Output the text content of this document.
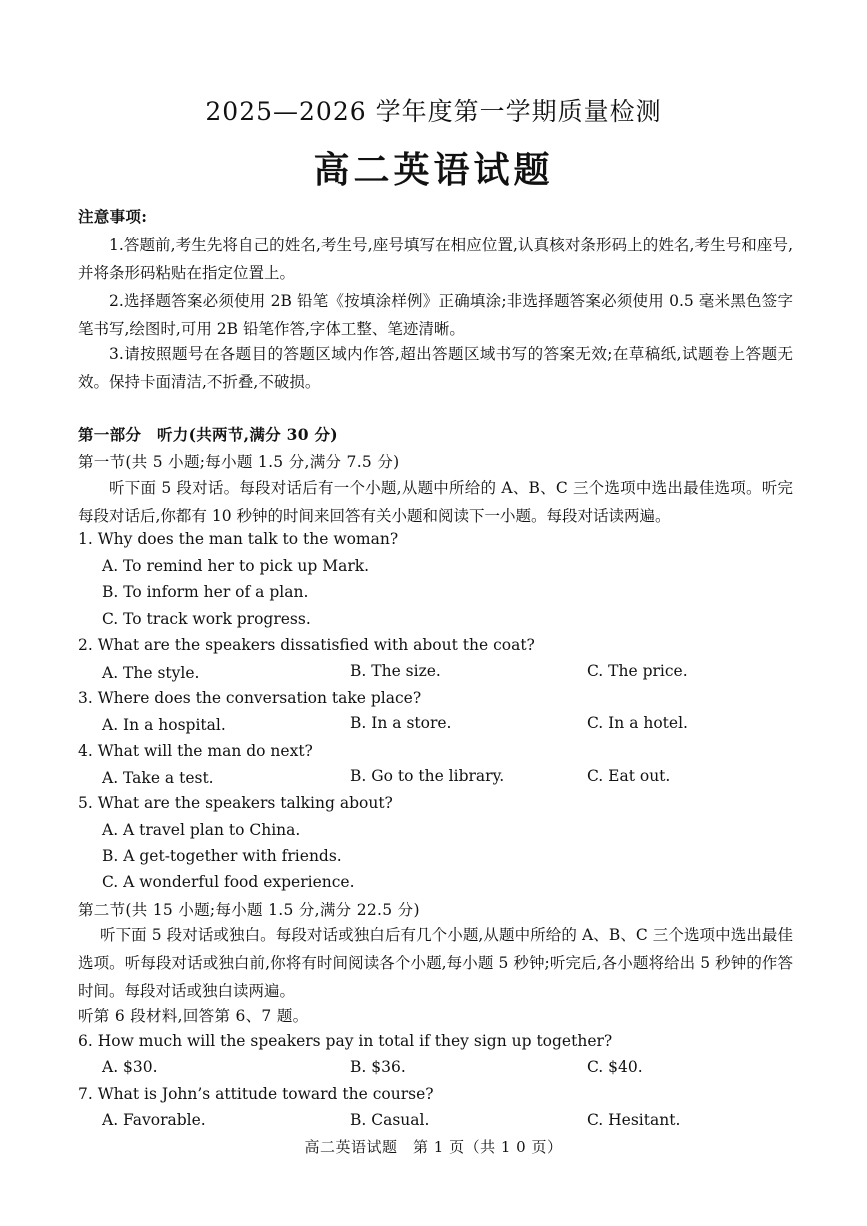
2025—2026 学年度第一学期质量检测
高二英语试题
注意事项:
1.答题前,考生先将自己的姓名,考生号,座号填写在相应位置,认真核对条形码上的姓名,考生号和座号,并将条形码粘贴在指定位置上。
2.选择题答案必须使用 2B 铅笔《按填涂样例》正确填涂;非选择题答案必须使用 0.5 毫米黑色签字笔书写,绘图时,可用 2B 铅笔作答,字体工整、笔迹清晰。
3.请按照题号在各题目的答题区域内作答,超出答题区域书写的答案无效;在草稿纸,试题卷上答题无效。保持卡面清洁,不折叠,不破损。
第一部分　听力(共两节,满分 30 分)
第一节(共 5 小题;每小题 1.5 分,满分 7.5 分)
听下面 5 段对话。每段对话后有一个小题,从题中所给的 A、B、C 三个选项中选出最佳选项。听完每段对话后,你都有 10 秒钟的时间来回答有关小题和阅读下一小题。每段对话读两遍。
1. Why does the man talk to the woman?
A. To remind her to pick up Mark.
B. To inform her of a plan.
C. To track work progress.
2. What are the speakers dissatisfied with about the coat?
A. The style.	B. The size.	C. The price.
3. Where does the conversation take place?
A. In a hospital.	B. In a store.	C. In a hotel.
4. What will the man do next?
A. Take a test.	B. Go to the library.	C. Eat out.
5. What are the speakers talking about?
A. A travel plan to China.
B. A get-together with friends.
C. A wonderful food experience.
第二节(共 15 小题;每小题 1.5 分,满分 22.5 分)
听下面 5 段对话或独白。每段对话或独白后有几个小题,从题中所给的 A、B、C 三个选项中选出最佳选项。听每段对话或独白前,你将有时间阅读各个小题,每小题 5 秒钟;听完后,各小题将给出 5 秒钟的作答时间。每段对话或独白读两遍。
听第 6 段材料,回答第 6、7 题。
6. How much will the speakers pay in total if they sign up together?
A. $30.	B. $36.	C. $40.
7. What is John’s attitude toward the course?
A. Favorable.	B. Casual.	C. Hesitant.
高二英语试题　第 1 页（共 1 0 页）
